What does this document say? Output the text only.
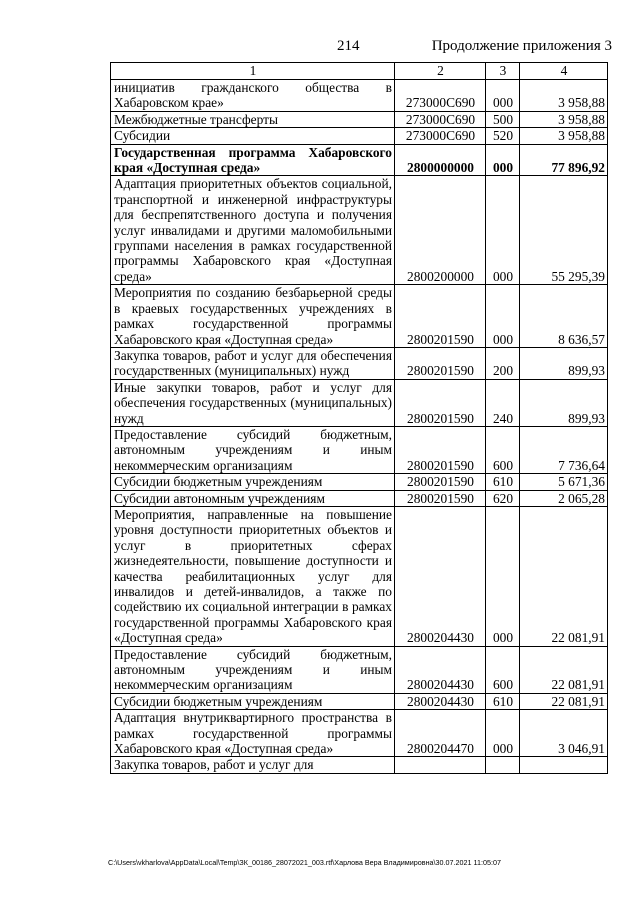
214	Продолжение приложения 3
1	2	3	4
инициатив гражданского общества в Хабаровском крае»	273000С690	000	3 958,88
Межбюджетные трансферты	273000С690	500	3 958,88
Субсидии	273000С690	520	3 958,88
Государственная программа Хабаровского края «Доступная среда»	2800000000	000	77 896,92
Адаптация приоритетных объектов социальной, транспортной и инженерной инфраструктуры для беспрепятственного доступа и получения услуг инвалидами и другими маломобильными группами населения в рамках государственной программы Хабаровского края «Доступная среда»	2800200000	000	55 295,39
Мероприятия по созданию безбарьерной среды в краевых государственных учреждениях в рамках государственной программы Хабаровского края «Доступная среда»	2800201590	000	8 636,57
Закупка товаров, работ и услуг для обеспечения государственных (муниципальных) нужд	2800201590	200	899,93
Иные закупки товаров, работ и услуг для обеспечения государственных (муниципальных) нужд	2800201590	240	899,93
Предоставление субсидий бюджетным, автономным учреждениям и иным некоммерческим организациям	2800201590	600	7 736,64
Субсидии бюджетным учреждениям	2800201590	610	5 671,36
Субсидии автономным учреждениям	2800201590	620	2 065,28
Мероприятия, направленные на повышение уровня доступности приоритетных объектов и услуг в приоритетных сферах жизнедеятельности, повышение доступности и качества реабилитационных услуг для инвалидов и детей-инвалидов, а также по содействию их социальной интеграции в рамках государственной программы Хабаровского края «Доступная среда»	2800204430	000	22 081,91
Предоставление субсидий бюджетным, автономным учреждениям и иным некоммерческим организациям	2800204430	600	22 081,91
Субсидии бюджетным учреждениям	2800204430	610	22 081,91
Адаптация внутриквартирного пространства в рамках государственной программы Хабаровского края «Доступная среда»	2800204470	000	3 046,91
Закупка товаров, работ и услуг для			
C:\Users\vkharlova\AppData\Local\Temp\ЗК_00186_28072021_003.rtf\Харлова Вера Владимировна\30.07.2021 11:05:07
